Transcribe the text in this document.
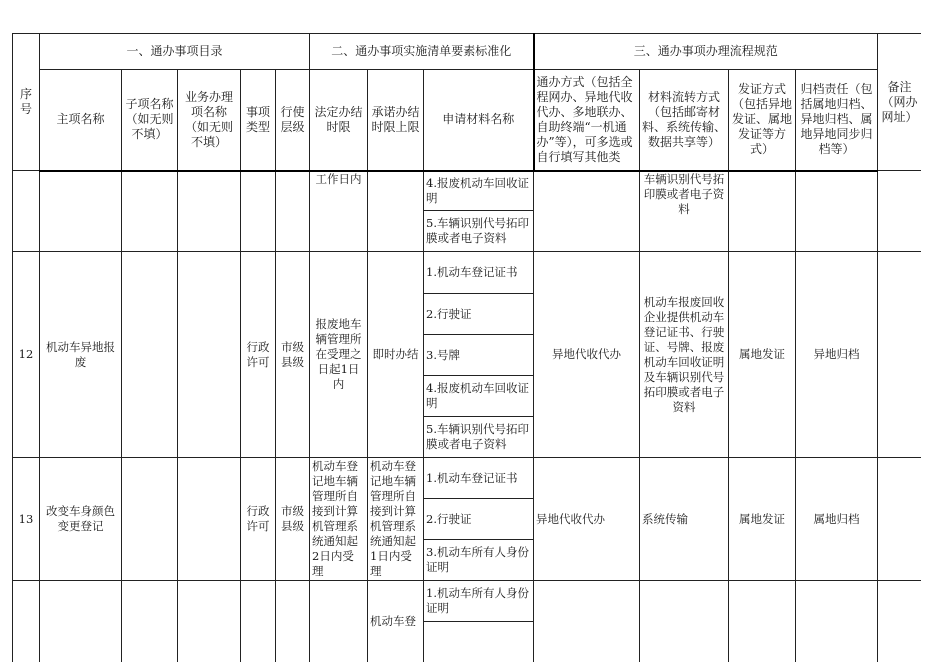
序号	一、通办事项目录					二、通办事项实施清单要素标准化			三、通办事项办理流程规范				备注（网办网址）
	主项名称	子项名称（如无则不填）	业务办理项名称（如无则不填）	事项类型	行使层级	法定办结时限	承诺办结时限上限	申请材料名称	通办方式（包括全程网办、异地代收代办、多地联办、自助终端“一机通办”等），可多选或自行填写其他类	材料流转方式（包括邮寄材料、系统传输、数据共享等）	发证方式（包括异地发证、属地发证等方式）	归档责任（包括属地归档、异地归档、属地异地同步归档等）	
						工作日内		4.报废机动车回收证明		车辆识别代号拓印膜或者电子资料			
								5.车辆识别代号拓印膜或者电子资料					
12	机动车异地报废			行政许可	市级县级	报废地车辆管理所在受理之日起1日内	即时办结	1.机动车登记证书	异地代收代办	机动车报废回收企业提供机动车登记证书、行驶证、号牌、报废机动车回收证明及车辆识别代号拓印膜或者电子资料	属地发证	异地归档	
								2.行驶证					
								3.号牌					
								4.报废机动车回收证明					
								5.车辆识别代号拓印膜或者电子资料					
13	改变车身颜色变更登记			行政许可	市级县级	机动车登记地车辆管理所自接到计算机管理系统通知起2日内受理	机动车登记地车辆管理所自接到计算机管理系统通知起1日内受理	1.机动车登记证书	异地代收代办	系统传输	属地发证	属地归档	
								2.行驶证					
								3.机动车所有人身份证明					
							机动车登	1.机动车所有人身份证明					
